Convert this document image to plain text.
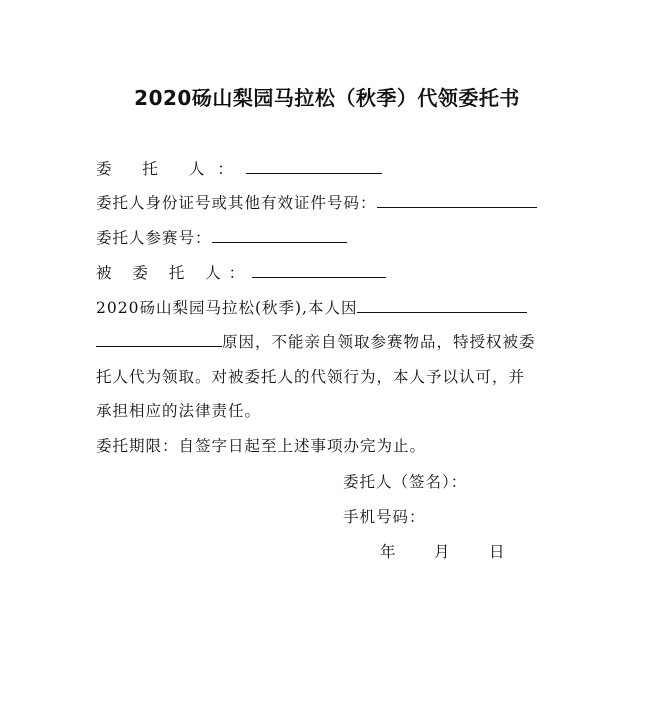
2020砀山梨园马拉松（秋季）代领委托书
委 托 人：
委托人身份证号或其他有效证件号码：
委托人参赛号：
被 委 托 人：
2020砀山梨园马拉松(秋季),本人因
原因，不能亲自领取参赛物品，特授权被委
托人代为领取。对被委托人的代领行为，本人予以认可，并
承担相应的法律责任。
委托期限：自签字日起至上述事项办完为止。
委托人（签名）：
手机号码：
年 月 日
